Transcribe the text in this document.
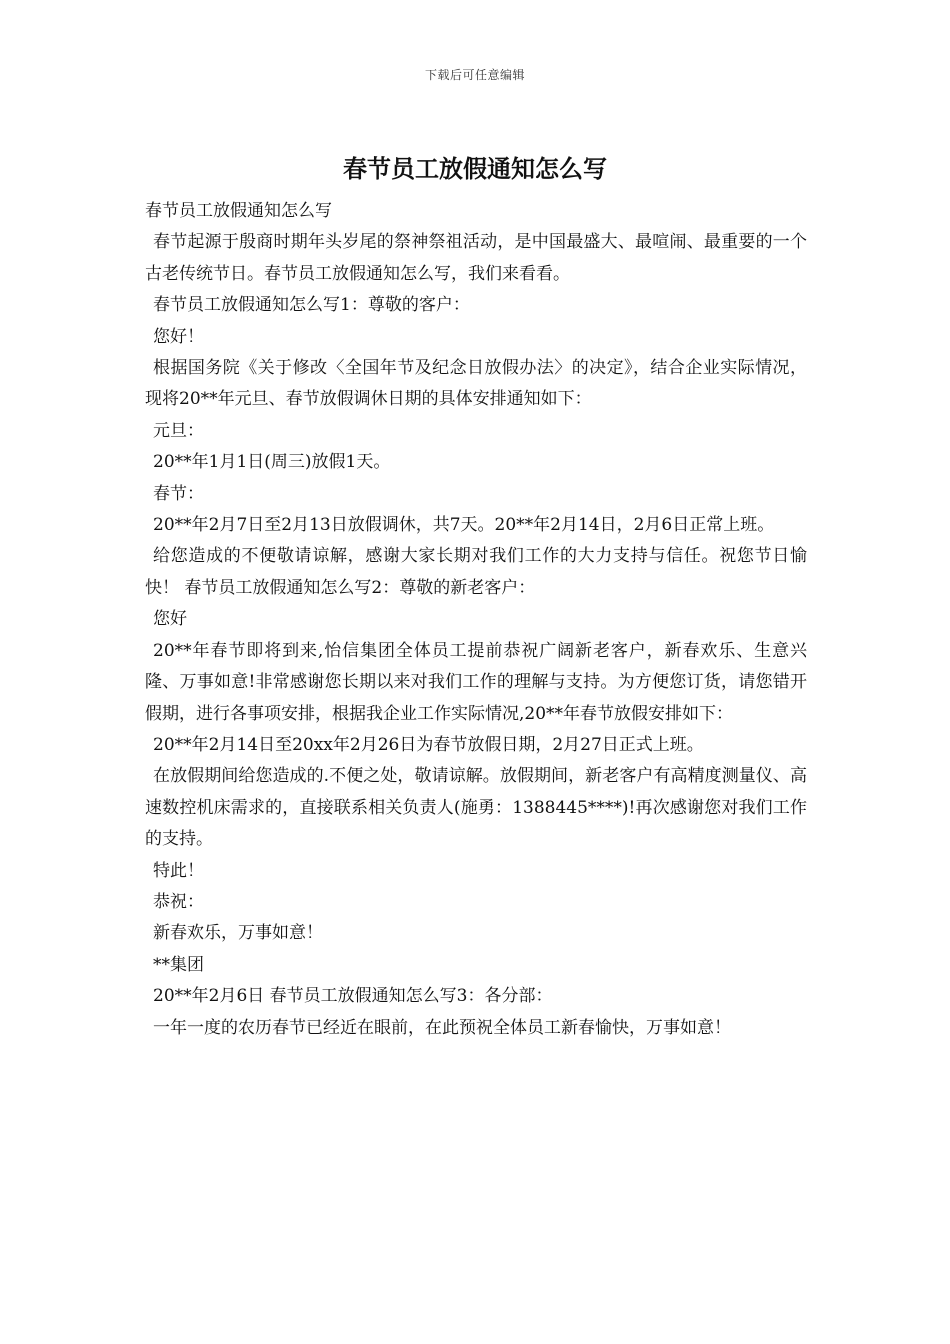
下载后可任意编辑
春节员工放假通知怎么写

春节员工放假通知怎么写

春节起源于殷商时期年头岁尾的祭神祭祖活动，是中国最盛大、最喧闹、最重要的一个古老传统节日。春节员工放假通知怎么写，我们来看看。

春节员工放假通知怎么写1：尊敬的客户：

您好！

根据国务院《关于修改〈全国年节及纪念日放假办法〉的决定》，结合企业实际情况，现将20**年元旦、春节放假调休日期的具体安排通知如下：

元旦：

20**年1月1日(周三)放假1天。

春节：

20**年2月7日至2月13日放假调休，共7天。20**年2月14日，2月6日正常上班。

给您造成的不便敬请谅解，感谢大家长期对我们工作的大力支持与信任。祝您节日愉快！ 春节员工放假通知怎么写2：尊敬的新老客户：

您好

20**年春节即将到来,怡信集团全体员工提前恭祝广阔新老客户，新春欢乐、生意兴隆、万事如意!非常感谢您长期以来对我们工作的理解与支持。为方便您订货，请您错开假期，进行各事项安排，根据我企业工作实际情况,20**年春节放假安排如下：

20**年2月14日至20xx年2月26日为春节放假日期，2月27日正式上班。

在放假期间给您造成的.不便之处，敬请谅解。放假期间，新老客户有高精度测量仪、高速数控机床需求的，直接联系相关负责人(施勇：1388445****)!再次感谢您对我们工作的支持。

特此！

恭祝：

新春欢乐，万事如意！

**集团

20**年2月6日 春节员工放假通知怎么写3：各分部：

一年一度的农历春节已经近在眼前，在此预祝全体员工新春愉快，万事如意！
